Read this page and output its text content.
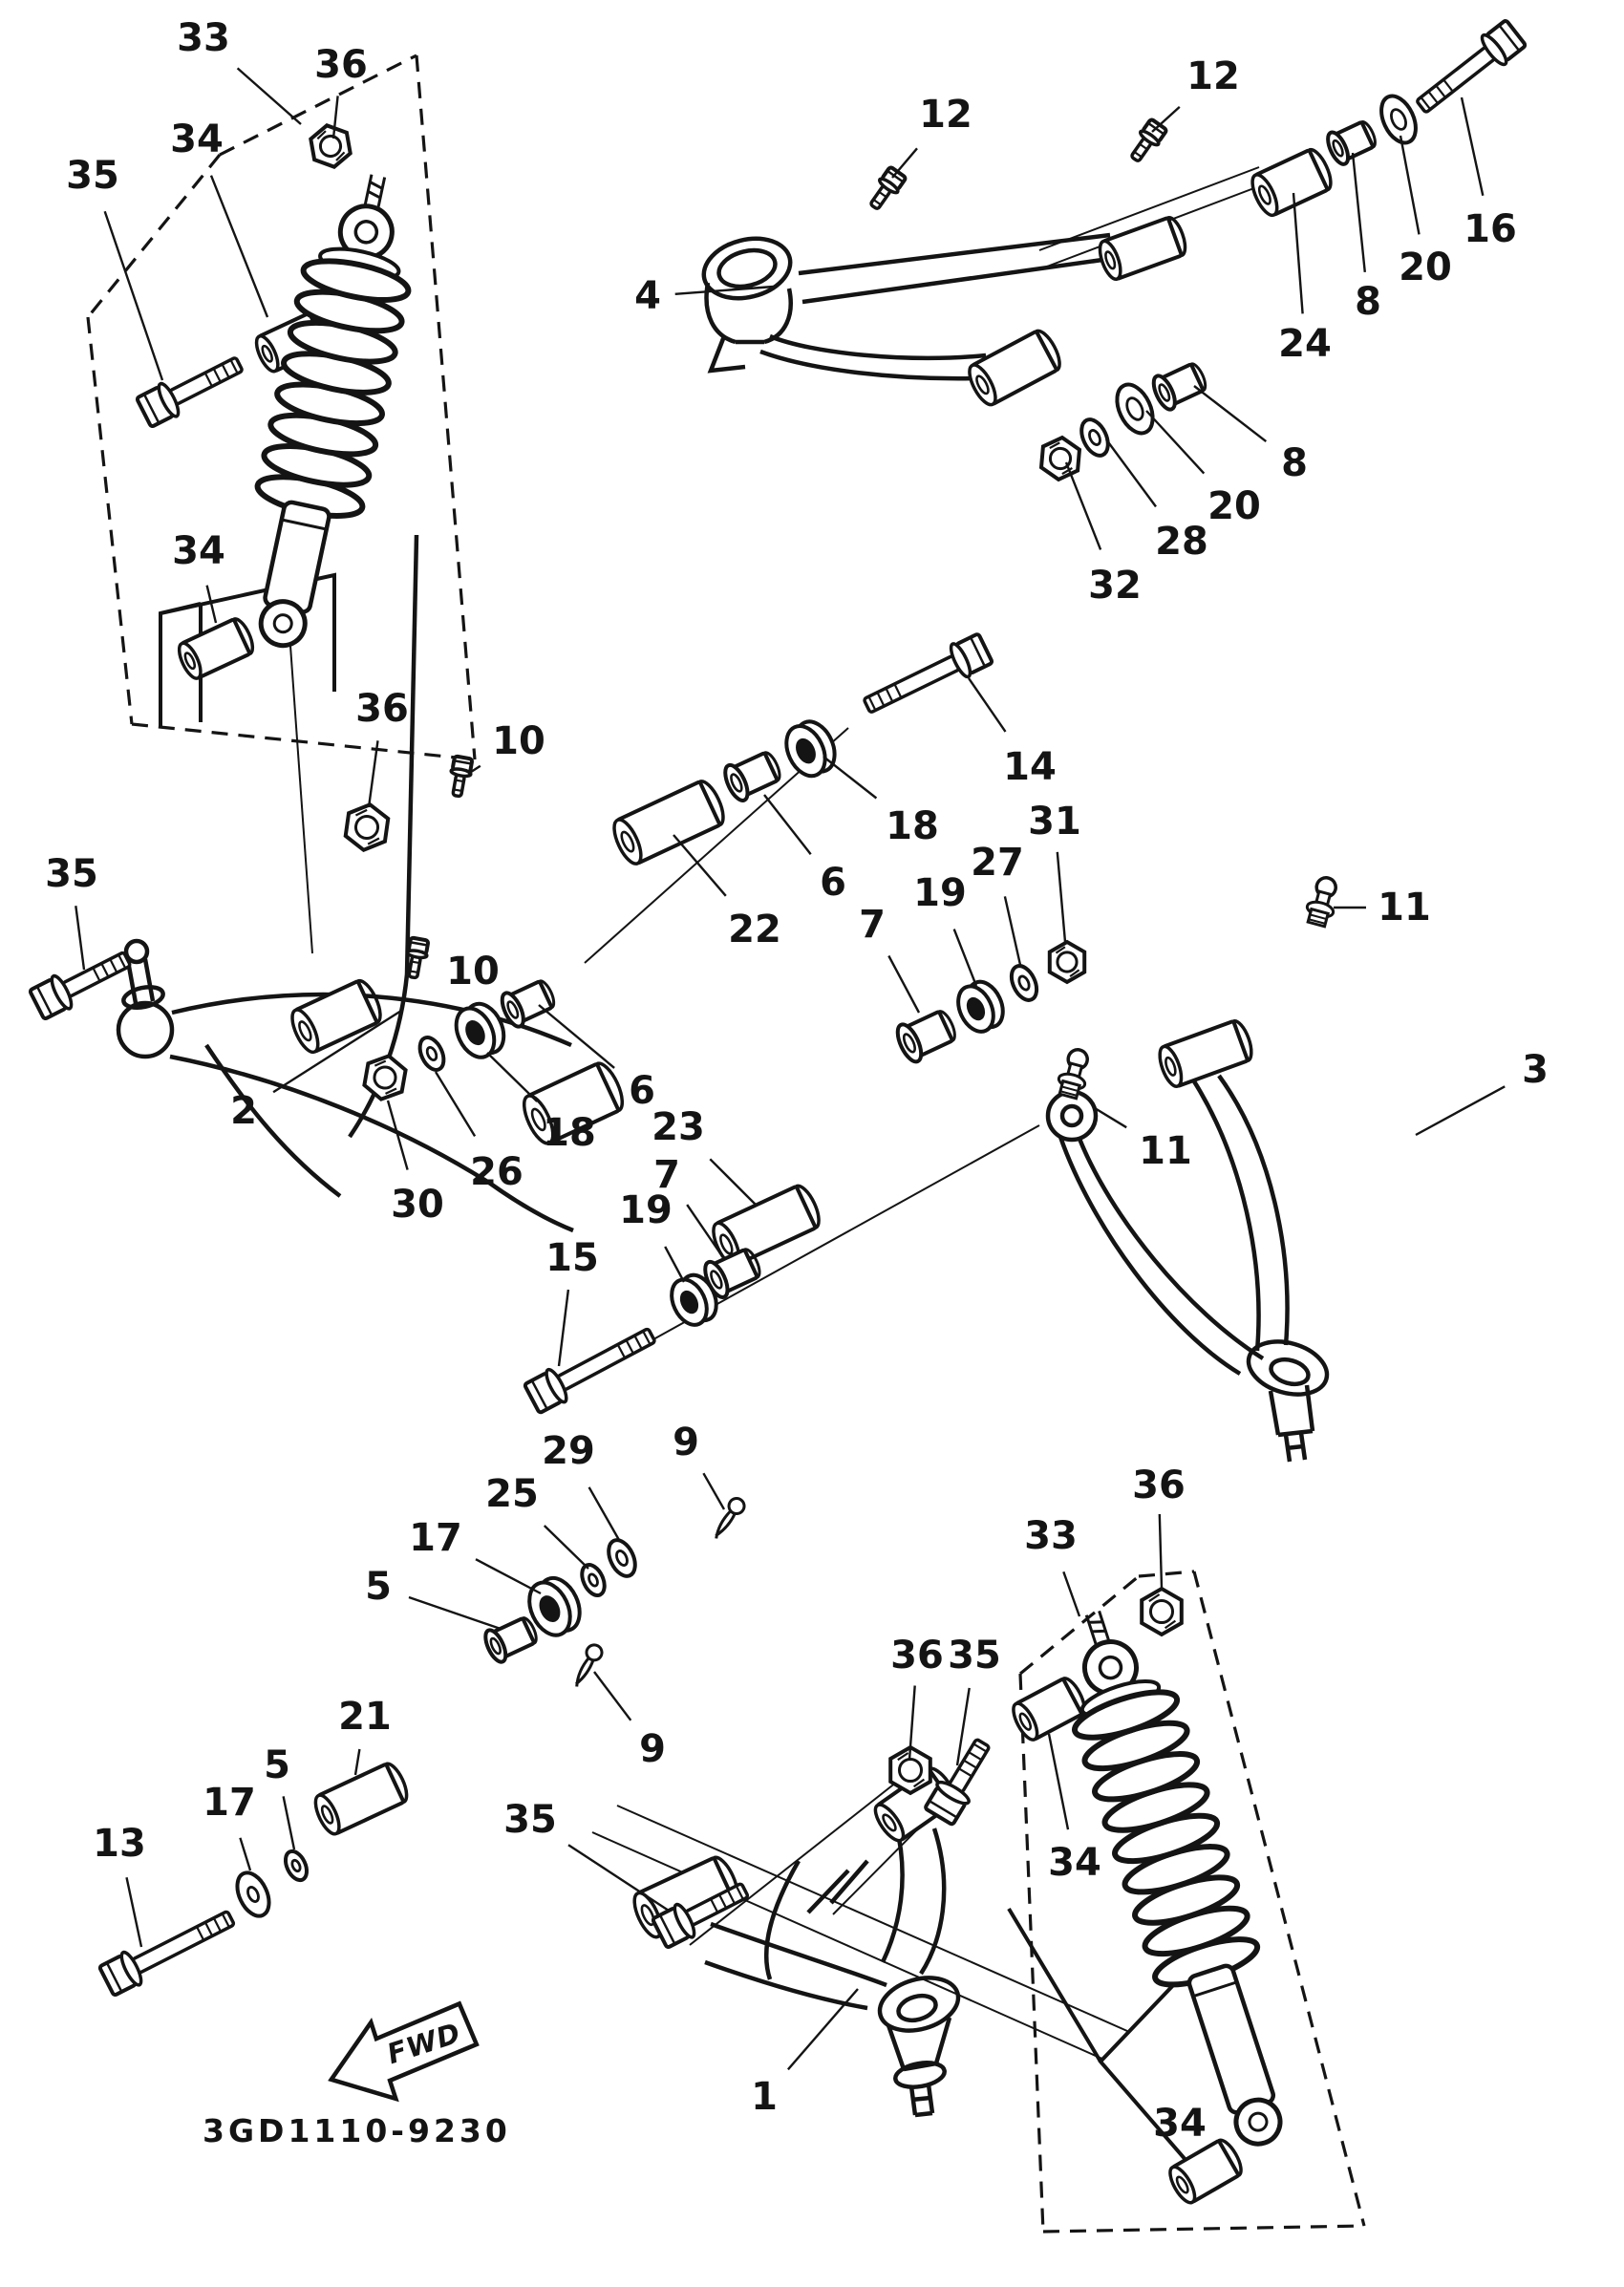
33
36
34
35
34
36
12
4
12
16
20
8
24
8
20
28
32
10
18
6
22
14
31
27
19
7	11
3
11
23
7
19
15
2
30
26
18
6
10
35
29
25
17
5
9
9
21
5
17
13
35
36 35
33
36
34
34
1
FWD
3GD1110-9230
